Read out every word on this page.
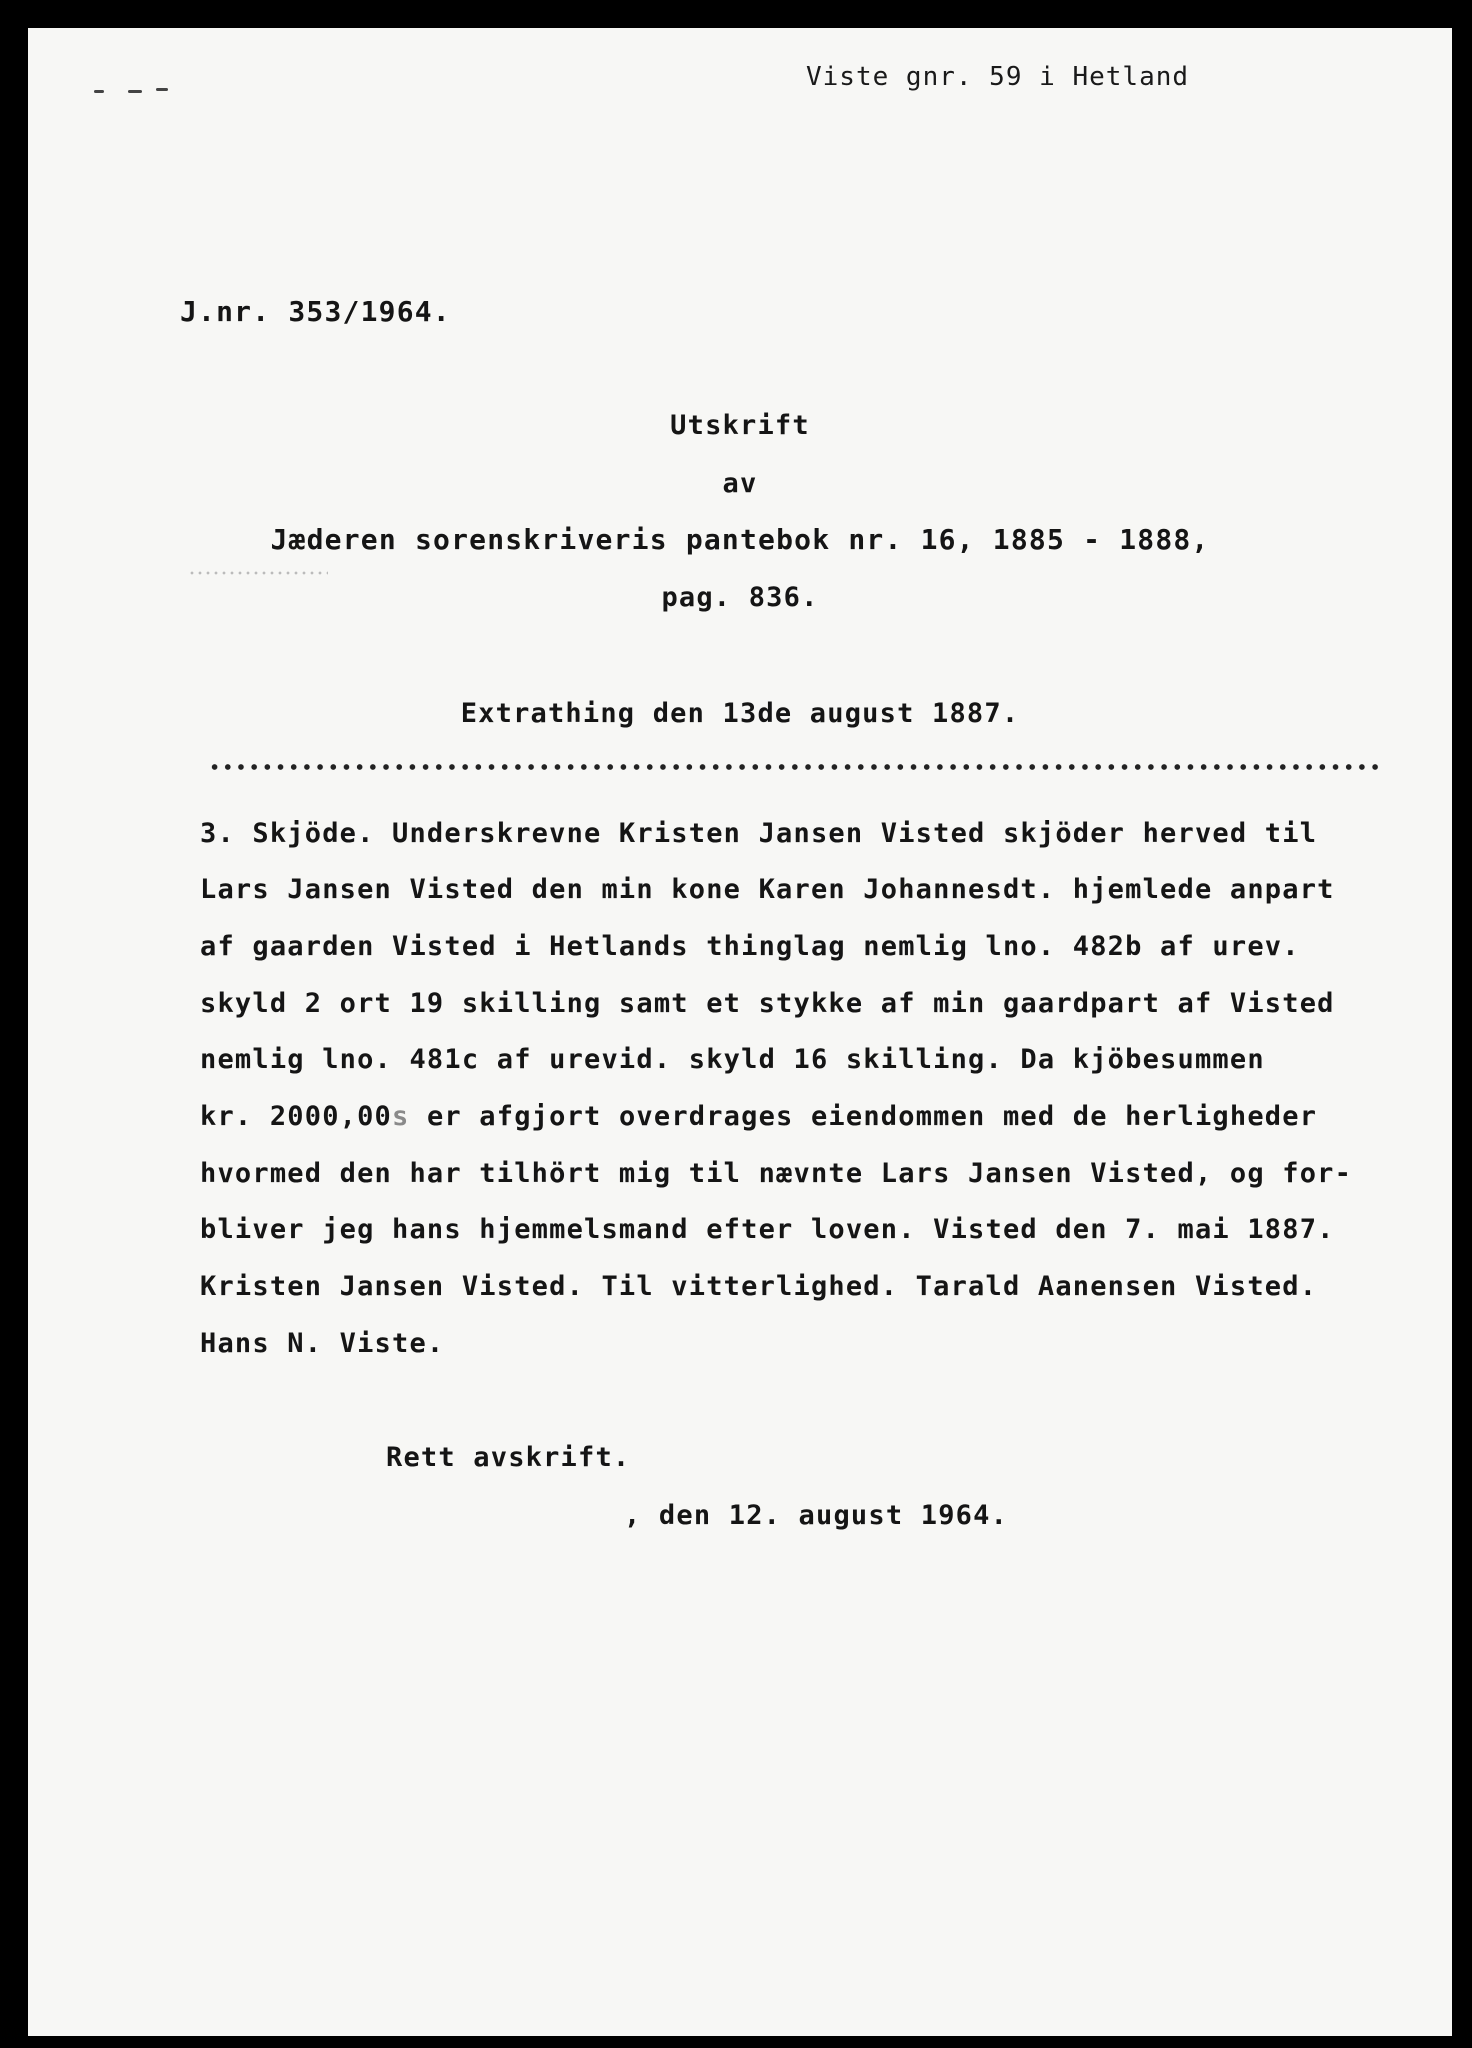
Viste gnr. 59 i Hetland

J.nr. 353/1964.

Utskrift

av

Jæderen sorenskriveris pantebok nr. 16, 1885 - 1888,

pag. 836.

Extrathing den 13de august 1887.

3. Skjöde. Underskrevne Kristen Jansen Visted skjöder herved til

Lars Jansen Visted den min kone Karen Johannesdt. hjemlede anpart

af gaarden Visted i Hetlands thinglag nemlig lno. 482b af urev.

skyld 2 ort 19 skilling samt et stykke af min gaardpart af Visted

nemlig lno. 481c af urevid. skyld 16 skilling. Da kjöbesummen

kr. 2000,00s er afgjort overdrages eiendommen med de herligheder

hvormed den har tilhört mig til nævnte Lars Jansen Visted, og for-

bliver jeg hans hjemmelsmand efter loven. Visted den 7. mai 1887.

Kristen Jansen Visted. Til vitterlighed. Tarald Aanensen Visted.

Hans N. Viste.

Rett avskrift.

, den 12. august 1964.
